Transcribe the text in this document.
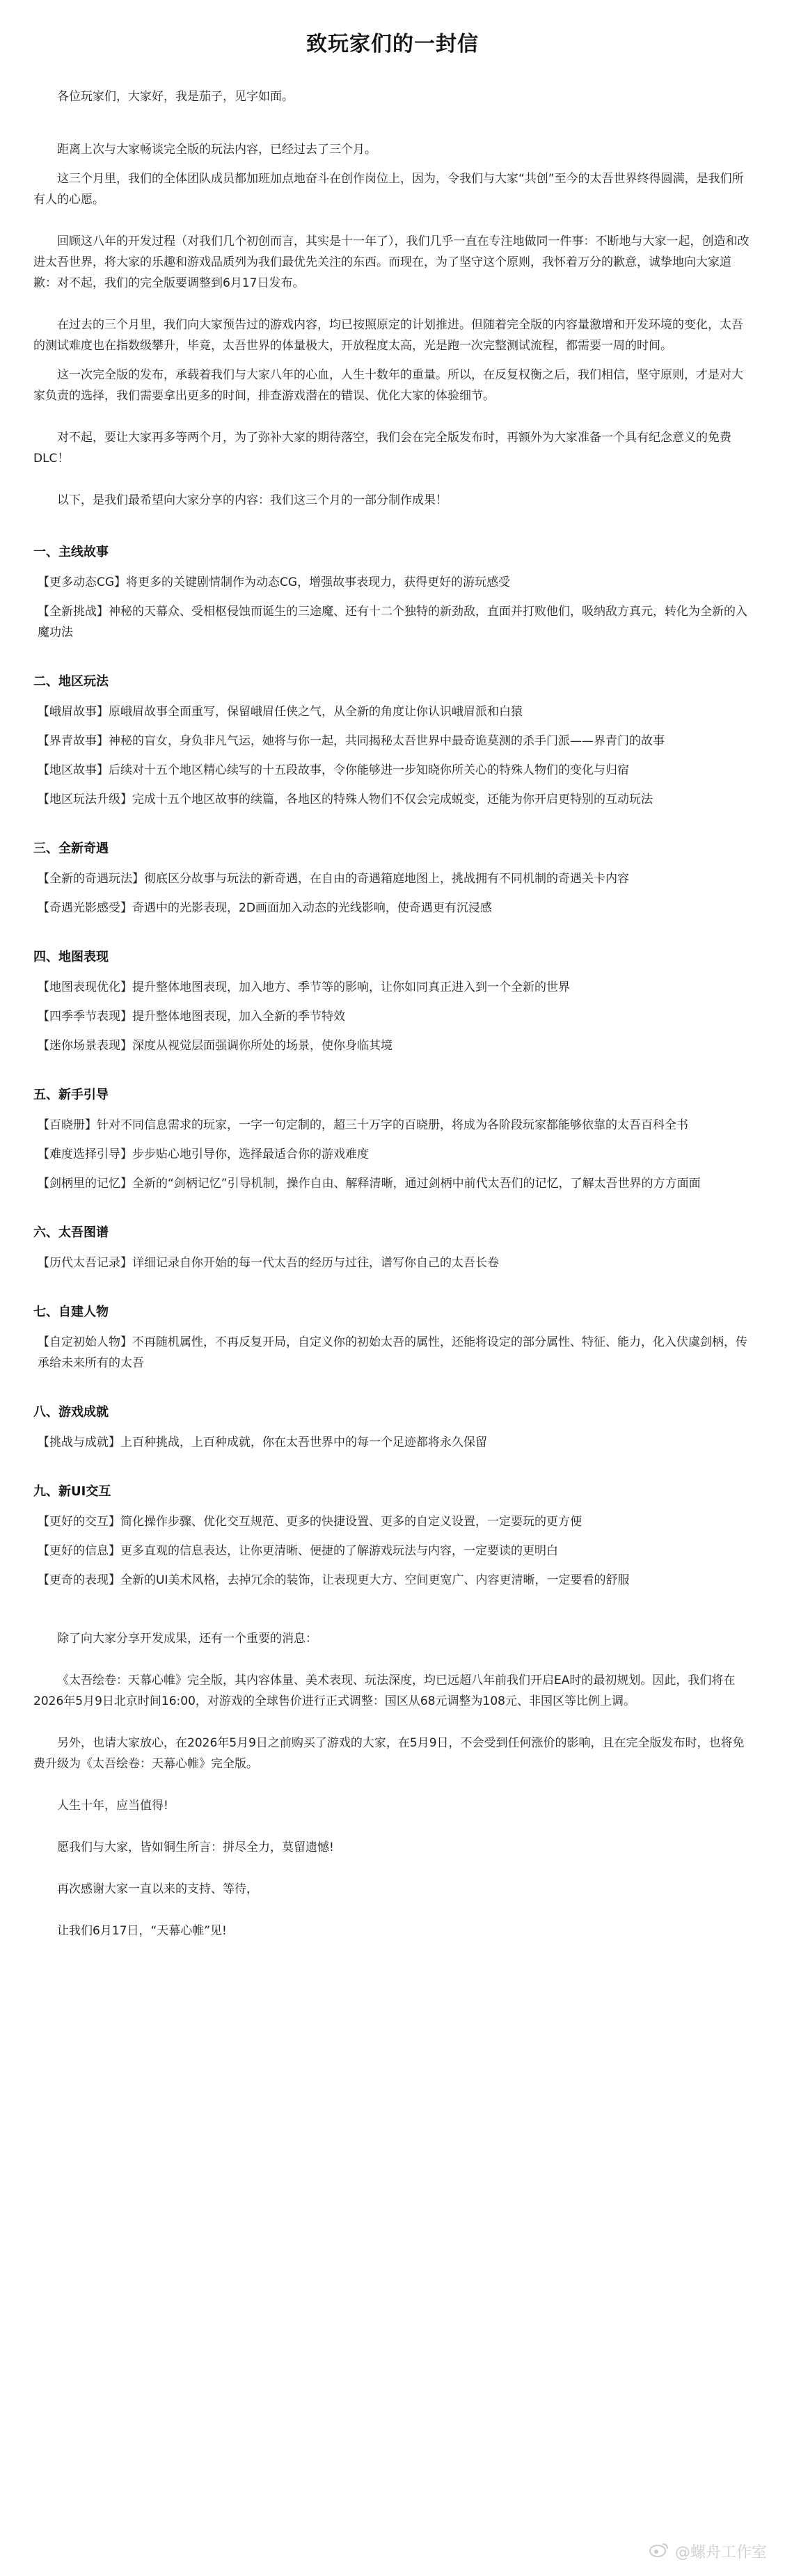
致玩家们的一封信

各位玩家们，大家好，我是茄子，见字如面。

距离上次与大家畅谈完全版的玩法内容，已经过去了三个月。

这三个月里，我们的全体团队成员都加班加点地奋斗在创作岗位上，因为，令我们与大家“共创”至今的太吾世界终得圆满，是我们所有人的心愿。

回顾这八年的开发过程（对我们几个初创而言，其实是十一年了），我们几乎一直在专注地做同一件事：不断地与大家一起，创造和改进太吾世界，将大家的乐趣和游戏品质列为我们最优先关注的东西。而现在，为了坚守这个原则，我怀着万分的歉意，诚挚地向大家道歉：对不起，我们的完全版要调整到6月17日发布。

在过去的三个月里，我们向大家预告过的游戏内容，均已按照原定的计划推进。但随着完全版的内容量激增和开发环境的变化，太吾的测试难度也在指数级攀升，毕竟，太吾世界的体量极大，开放程度太高，光是跑一次完整测试流程，都需要一周的时间。

这一次完全版的发布，承载着我们与大家八年的心血，人生十数年的重量。所以，在反复权衡之后，我们相信，坚守原则，才是对大家负责的选择，我们需要拿出更多的时间，排查游戏潜在的错误、优化大家的体验细节。

对不起，要让大家再多等两个月，为了弥补大家的期待落空，我们会在完全版发布时，再额外为大家准备一个具有纪念意义的免费DLC！

以下，是我们最希望向大家分享的内容：我们这三个月的一部分制作成果！

一、主线故事
【更多动态CG】将更多的关键剧情制作为动态CG，增强故事表现力，获得更好的游玩感受
【全新挑战】神秘的天幕众、受相枢侵蚀而诞生的三途魔、还有十二个独特的新劲敌，直面并打败他们，吸纳敌方真元，转化为全新的入魔功法
二、地区玩法
【峨眉故事】原峨眉故事全面重写，保留峨眉任侠之气，从全新的角度让你认识峨眉派和白猿
【界青故事】神秘的盲女，身负非凡气运，她将与你一起，共同揭秘太吾世界中最奇诡莫测的杀手门派——界青门的故事
【地区故事】后续对十五个地区精心续写的十五段故事，令你能够进一步知晓你所关心的特殊人物们的变化与归宿
【地区玩法升级】完成十五个地区故事的续篇，各地区的特殊人物们不仅会完成蜕变，还能为你开启更特别的互动玩法
三、全新奇遇
【全新的奇遇玩法】彻底区分故事与玩法的新奇遇，在自由的奇遇箱庭地图上，挑战拥有不同机制的奇遇关卡内容
【奇遇光影感受】奇遇中的光影表现，2D画面加入动态的光线影响，使奇遇更有沉浸感
四、地图表现
【地图表现优化】提升整体地图表现，加入地方、季节等的影响，让你如同真正进入到一个全新的世界
【四季季节表现】提升整体地图表现，加入全新的季节特效
【迷你场景表现】深度从视觉层面强调你所处的场景，使你身临其境
五、新手引导
【百晓册】针对不同信息需求的玩家，一字一句定制的，超三十万字的百晓册，将成为各阶段玩家都能够依靠的太吾百科全书
【难度选择引导】步步贴心地引导你，选择最适合你的游戏难度
【剑柄里的记忆】全新的“剑柄记忆”引导机制，操作自由、解释清晰，通过剑柄中前代太吾们的记忆，了解太吾世界的方方面面
六、太吾图谱
【历代太吾记录】详细记录自你开始的每一代太吾的经历与过往，谱写你自己的太吾长卷
七、自建人物
【自定初始人物】不再随机属性，不再反复开局，自定义你的初始太吾的属性，还能将设定的部分属性、特征、能力，化入伏虞剑柄，传承给未来所有的太吾
八、游戏成就
【挑战与成就】上百种挑战，上百种成就，你在太吾世界中的每一个足迹都将永久保留
九、新UI交互
【更好的交互】简化操作步骤、优化交互规范、更多的快捷设置、更多的自定义设置，一定要玩的更方便
【更好的信息】更多直观的信息表达，让你更清晰、便捷的了解游戏玩法与内容，一定要读的更明白
【更奇的表现】全新的UI美术风格，去掉冗余的装饰，让表现更大方、空间更宽广、内容更清晰，一定要看的舒服

除了向大家分享开发成果，还有一个重要的消息：

《太吾绘卷：天幕心帷》完全版，其内容体量、美术表现、玩法深度，均已远超八年前我们开启EA时的最初规划。因此，我们将在2026年5月9日北京时间16:00，对游戏的全球售价进行正式调整：国区从68元调整为108元、非国区等比例上调。

另外，也请大家放心，在2026年5月9日之前购买了游戏的大家，在5月9日，不会受到任何涨价的影响，且在完全版发布时，也将免费升级为《太吾绘卷：天幕心帷》完全版。

人生十年，应当值得!

愿我们与大家，皆如铜生所言：拼尽全力，莫留遗憾!

再次感谢大家一直以来的支持、等待，

让我们6月17日，“天幕心帷”见!

@螺舟工作室
